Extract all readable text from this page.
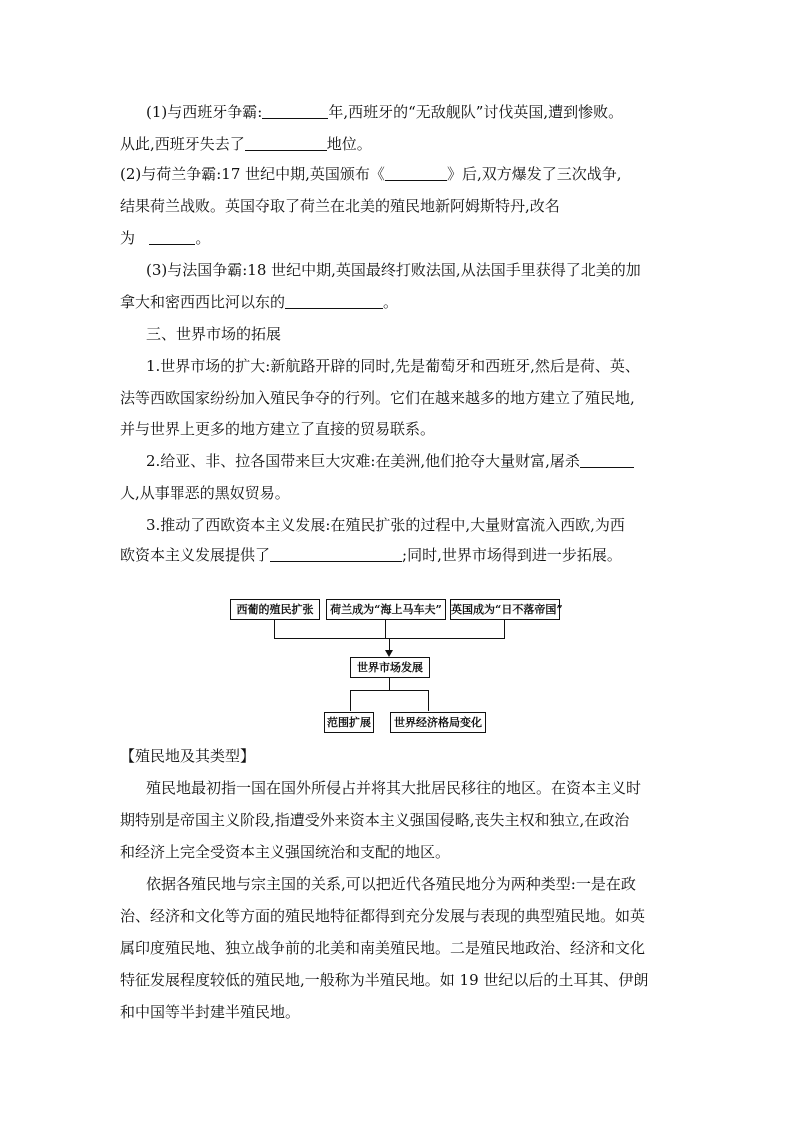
(1)与西班牙争霸:	年,西班牙的“无敌舰队”讨伐英国,遭到惨败。
从此,西班牙失去了	地位。
(2)与荷兰争霸:17 世纪中期,英国颁布《	》后,双方爆发了三次战争,
结果荷兰战败。英国夺取了荷兰在北美的殖民地新阿姆斯特丹,改名
为	。
(3)与法国争霸:18 世纪中期,英国最终打败法国,从法国手里获得了北美的加
拿大和密西西比河以东的	。
三、世界市场的拓展
1.世界市场的扩大:新航路开辟的同时,先是葡萄牙和西班牙,然后是荷、英、
法等西欧国家纷纷加入殖民争夺的行列。它们在越来越多的地方建立了殖民地,
并与世界上更多的地方建立了直接的贸易联系。
2.给亚、非、拉各国带来巨大灾难:在美洲,他们抢夺大量财富,屠杀
人,从事罪恶的黑奴贸易。
3.推动了西欧资本主义发展:在殖民扩张的过程中,大量财富流入西欧,为西
欧资本主义发展提供了	;同时,世界市场得到进一步拓展。
西葡的殖民扩张	荷兰成为“海上马车夫” 英国成为“日不落帝国”
世界市场发展
范围扩展	世界经济格局变化
【殖民地及其类型】
殖民地最初指一国在国外所侵占并将其大批居民移往的地区。在资本主义时
期特别是帝国主义阶段,指遭受外来资本主义强国侵略,丧失主权和独立,在政治
和经济上完全受资本主义强国统治和支配的地区。
依据各殖民地与宗主国的关系,可以把近代各殖民地分为两种类型:一是在政
治、经济和文化等方面的殖民地特征都得到充分发展与表现的典型殖民地。如英
属印度殖民地、独立战争前的北美和南美殖民地。二是殖民地政治、经济和文化
特征发展程度较低的殖民地,一般称为半殖民地。如 19 世纪以后的土耳其、伊朗
和中国等半封建半殖民地。
